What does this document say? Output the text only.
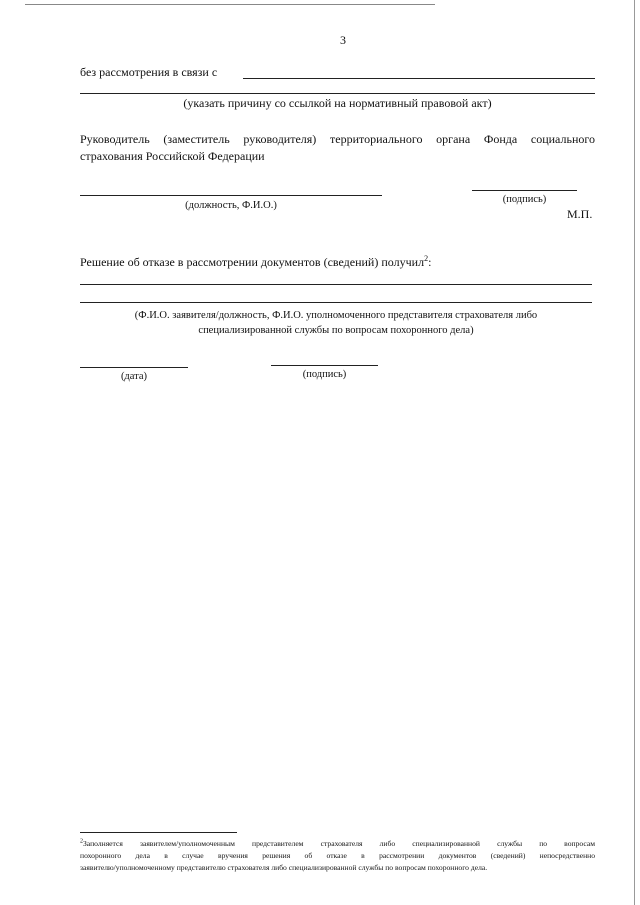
3
без рассмотрения в связи с
(указать причину со ссылкой на нормативный правовой акт)
Руководитель (заместитель руководителя) территориального органа Фонда социального
страхования Российской Федерации
(должность, Ф.И.О.)
(подпись)
М.П.
Решение об отказе в рассмотрении документов (сведений) получил$^2$:
(Ф.И.О. заявителя/должность, Ф.И.О. уполномоченного представителя страхователя либо
специализированной службы по вопросам похоронного дела)
(дата)	(подпись)
$^2$Заполняется заявителем/уполномоченным представителем страхователя либо специализированной службы по вопросам
похоронного дела в случае вручения решения об отказе в рассмотрении документов (сведений) непосредственно
заявителю/уполномоченному представителю страхователя либо специализированной службы по вопросам похоронного дела.
